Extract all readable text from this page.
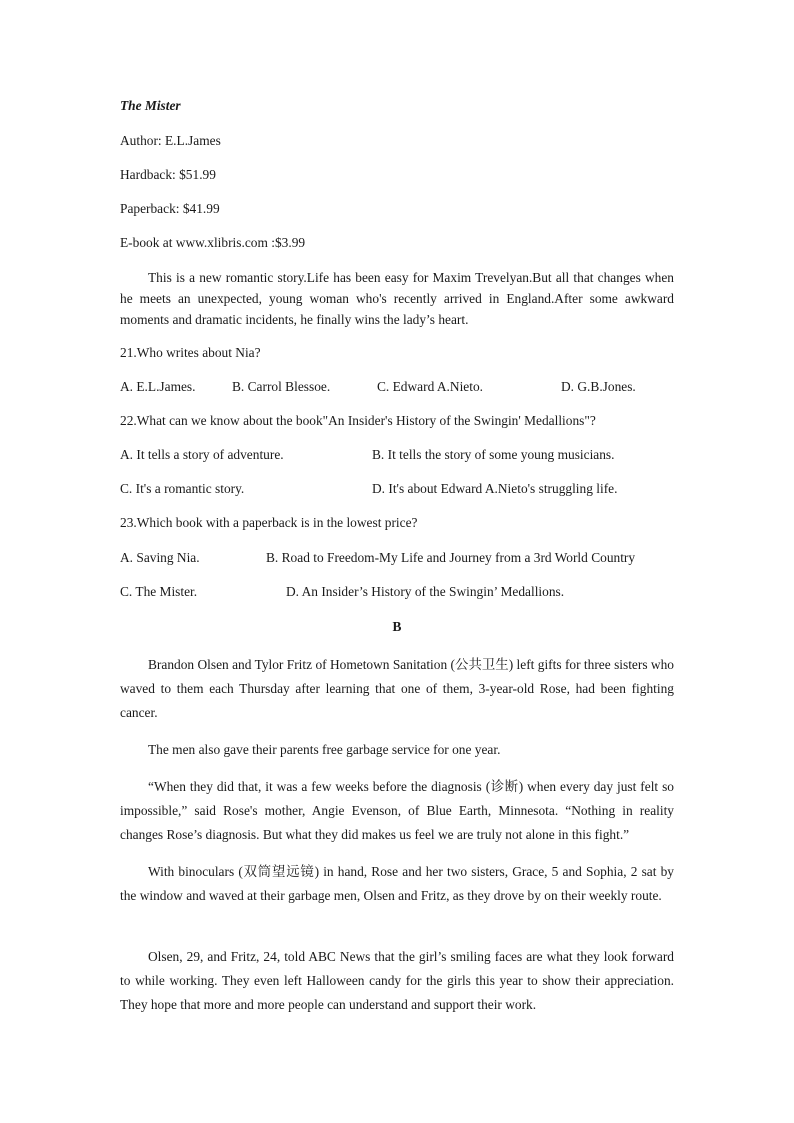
The Mister
Author: E.L.James
Hardback: $51.99
Paperback: $41.99
E-book at www.xlibris.com :$3.99
This is a new romantic story.Life has been easy for Maxim Trevelyan.But all that changes when he meets an unexpected, young woman who's recently arrived in England.After some awkward moments and dramatic incidents, he finally wins the lady’s heart.
21.Who writes about Nia?
A. E.L.James.	B. Carrol Blessoe.	C. Edward A.Nieto.	D. G.B.Jones.
22.What can we know about the book"An Insider's History of the Swingin' Medallions"?
A. It tells a story of adventure.	B. It tells the story of some young musicians.
C. It's a romantic story.	D. It's about Edward A.Nieto's struggling life.
23.Which book with a paperback is in the lowest price?
A. Saving Nia.	B. Road to Freedom-My Life and Journey from a 3rd World Country
C. The Mister.	D. An Insider’s History of the Swingin’ Medallions.
B
Brandon Olsen and Tylor Fritz of Hometown Sanitation (公共卫生) left gifts for three sisters who waved to them each Thursday after learning that one of them, 3-year-old Rose, had been fighting cancer.
The men also gave their parents free garbage service for one year.
“When they did that, it was a few weeks before the diagnosis (诊断) when every day just felt so impossible,” said Rose's mother, Angie Evenson, of Blue Earth, Minnesota. “Nothing in reality changes Rose’s diagnosis. But what they did makes us feel we are truly not alone in this fight.”
With binoculars (双筒望远镜) in hand, Rose and her two sisters, Grace, 5 and Sophia, 2 sat by the window and waved at their garbage men, Olsen and Fritz, as they drove by on their weekly route.
Olsen, 29, and Fritz, 24, told ABC News that the girl’s smiling faces are what they look forward to while working. They even left Halloween candy for the girls this year to show their appreciation. They hope that more and more people can understand and support their work.
